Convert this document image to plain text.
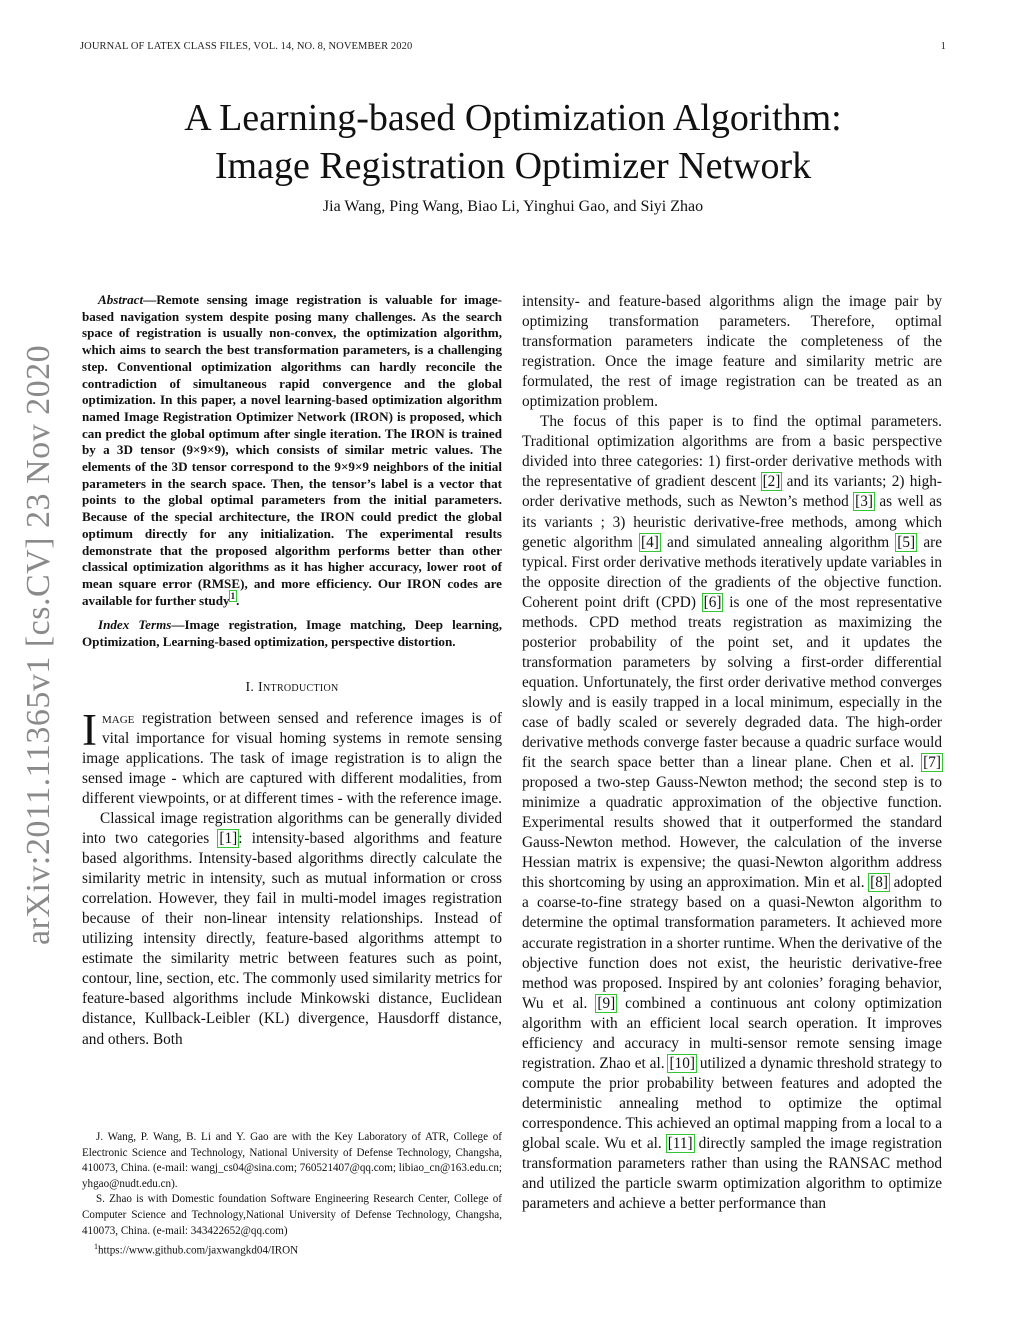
JOURNAL OF LATEX CLASS FILES, VOL. 14, NO. 8, NOVEMBER 2020	1
arXiv:2011.11365v1 [cs.CV] 23 Nov 2020
A Learning-based Optimization Algorithm:
Image Registration Optimizer Network
Jia Wang, Ping Wang, Biao Li, Yinghui Gao, and Siyi Zhao

Abstract—Remote sensing image registration is valuable for image-based navigation system despite posing many challenges. As the search space of registration is usually non-convex, the optimization algorithm, which aims to search the best transformation parameters, is a challenging step. Conventional optimization algorithms can hardly reconcile the contradiction of simultaneous rapid convergence and the global optimization. In this paper, a novel learning-based optimization algorithm named Image Registration Optimizer Network (IRON) is proposed, which can predict the global optimum after single iteration. The IRON is trained by a 3D tensor (9×9×9), which consists of similar metric values. The elements of the 3D tensor correspond to the 9×9×9 neighbors of the initial parameters in the search space. Then, the tensor’s label is a vector that points to the global optimal parameters from the initial parameters. Because of the special architecture, the IRON could predict the global optimum directly for any initialization. The experimental results demonstrate that the proposed algorithm performs better than other classical optimization algorithms as it has higher accuracy, lower root of mean square error (RMSE), and more efficiency. Our IRON codes are available for further study$^1$.

Index Terms—Image registration, Image matching, Deep learning, Optimization, Learning-based optimization, perspective distortion.

I. Introduction

Image registration between sensed and reference images is of vital importance for visual homing systems in remote sensing image applications. The task of image registration is to align the sensed image - which are captured with different modalities, from different viewpoints, or at different times - with the reference image.

Classical image registration algorithms can be generally divided into two categories [1]: intensity-based algorithms and feature based algorithms. Intensity-based algorithms directly calculate the similarity metric in intensity, such as mutual information or cross correlation. However, they fail in multi-model images registration because of their non-linear intensity relationships. Instead of utilizing intensity directly, feature-based algorithms attempt to estimate the similarity metric between features such as point, contour, line, section, etc. The commonly used similarity metrics for feature-based algorithms include Minkowski distance, Euclidean distance, Kullback-Leibler (KL) divergence, Hausdorff distance, and others. Both

intensity- and feature-based algorithms align the image pair by optimizing transformation parameters. Therefore, optimal transformation parameters indicate the completeness of the registration. Once the image feature and similarity metric are formulated, the rest of image registration can be treated as an optimization problem.

The focus of this paper is to find the optimal parameters. Traditional optimization algorithms are from a basic perspective divided into three categories: 1) first-order derivative methods with the representative of gradient descent [2] and its variants; 2) high-order derivative methods, such as Newton’s method [3] as well as its variants ; 3) heuristic derivative-free methods, among which genetic algorithm [4] and simulated annealing algorithm [5] are typical. First order derivative methods iteratively update variables in the opposite direction of the gradients of the objective function. Coherent point drift (CPD) [6] is one of the most representative methods. CPD method treats registration as maximizing the posterior probability of the point set, and it updates the transformation parameters by solving a first-order differential equation. Unfortunately, the first order derivative method converges slowly and is easily trapped in a local minimum, especially in the case of badly scaled or severely degraded data. The high-order derivative methods converge faster because a quadric surface would fit the search space better than a linear plane. Chen et al. [7] proposed a two-step Gauss-Newton method; the second step is to minimize a quadratic approximation of the objective function. Experimental results showed that it outperformed the standard Gauss-Newton method. However, the calculation of the inverse Hessian matrix is expensive; the quasi-Newton algorithm address this shortcoming by using an approximation. Min et al. [8] adopted a coarse-to-fine strategy based on a quasi-Newton algorithm to determine the optimal transformation parameters. It achieved more accurate registration in a shorter runtime. When the derivative of the objective function does not exist, the heuristic derivative-free method was proposed. Inspired by ant colonies’ foraging behavior, Wu et al. [9] combined a continuous ant colony optimization algorithm with an efficient local search operation. It improves efficiency and accuracy in multi-sensor remote sensing image registration. Zhao et al. [10] utilized a dynamic threshold strategy to compute the prior probability between features and adopted the deterministic annealing method to optimize the optimal correspondence. This achieved an optimal mapping from a local to a global scale. Wu et al. [11] directly sampled the image registration transformation parameters rather than using the RANSAC method and utilized the particle swarm optimization algorithm to optimize parameters and achieve a better performance than

J. Wang, P. Wang, B. Li and Y. Gao are with the Key Laboratory of ATR, College of Electronic Science and Technology, National University of Defense Technology, Changsha, 410073, China. (e-mail: wangj_cs04@sina.com; 760521407@qq.com; libiao_cn@163.edu.cn; yhgao@nudt.edu.cn).

S. Zhao is with Domestic foundation Software Engineering Research Center, College of Computer Science and Technology,National University of Defense Technology, Changsha, 410073, China. (e-mail: 343422652@qq.com)

$^1$https://www.github.com/jaxwangkd04/IRON
